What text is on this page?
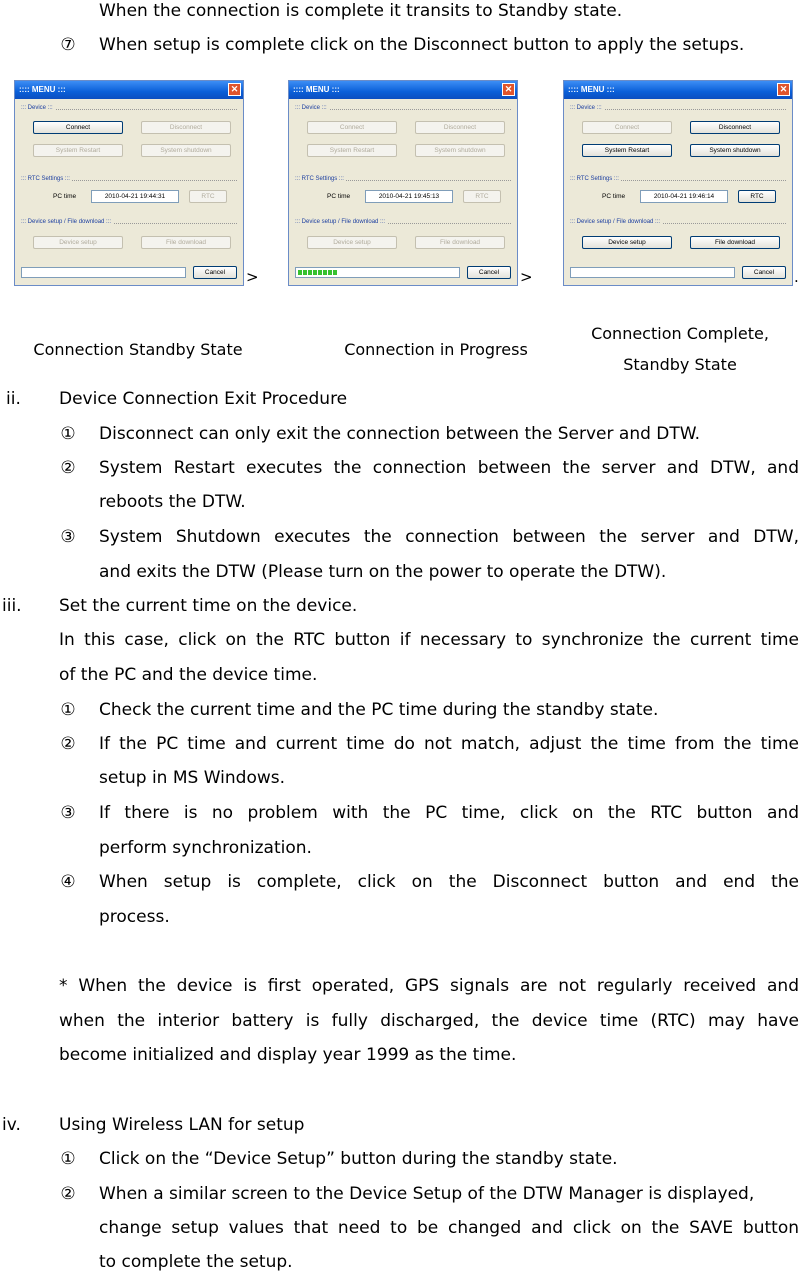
When the connection is complete it transits to Standby state.
⑦ When setup is complete click on the Disconnect button to apply the setups.
:::: MENU :::	✕
::: Device :::
Connect	Disconnect
System Restart	System shutdown
::: RTC Settings :::
PC time	2010-04-21 19:44:31	RTC
::: Device setup / File download :::
Device setup	File download
Cancel	>
:::: MENU :::	✕
::: Device :::
Connect	Disconnect
System Restart	System shutdown
::: RTC Settings :::
PC time	2010-04-21 19:45:13	RTC
::: Device setup / File download :::
Device setup	File download
Cancel	>
:::: MENU :::	✕
::: Device :::
Connect	Disconnect
System Restart	System shutdown
::: RTC Settings :::
PC time	2010-04-21 19:46:14	RTC
::: Device setup / File download :::
Device setup	File download
Cancel	.
Connection Standby State	Connection in Progress
Connection Complete,
Standby State
ii. Device Connection Exit Procedure
① Disconnect can only exit the connection between the Server and DTW.
② System Restart executes the connection between the server and DTW, and
reboots the DTW.
③ System Shutdown executes the connection between the server and DTW,
and exits the DTW (Please turn on the power to operate the DTW).
iii. Set the current time on the device.
In this case, click on the RTC button if necessary to synchronize the current time
of the PC and the device time.
① Check the current time and the PC time during the standby state.
② If the PC time and current time do not match, adjust the time from the time
setup in MS Windows.
③ If there is no problem with the PC time, click on the RTC button and
perform synchronization.
④ When setup is complete, click on the Disconnect button and end the
process.
* When the device is first operated, GPS signals are not regularly received and
when the interior battery is fully discharged, the device time (RTC) may have
become initialized and display year 1999 as the time.
iv. Using Wireless LAN for setup
① Click on the “Device Setup” button during the standby state.
② When a similar screen to the Device Setup of the DTW Manager is displayed,
change setup values that need to be changed and click on the SAVE button
to complete the setup.
